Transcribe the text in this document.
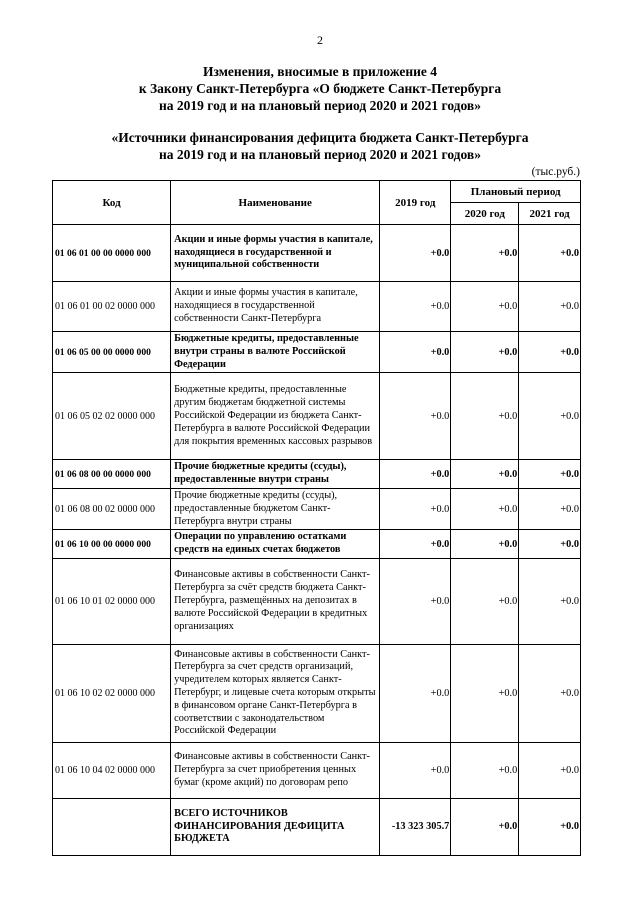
2
Изменения, вносимые в приложение 4
к Закону Санкт-Петербурга «О бюджете Санкт-Петербурга
на 2019 год и на плановый период 2020 и 2021 годов»
«Источники финансирования дефицита бюджета Санкт-Петербурга
на 2019 год и на плановый период 2020 и 2021 годов»
(тыс.руб.)
Код	Наименование	2019 год	Плановый период	
			2020 год	2021 год
01 06 01 00 00 0000 000	Акции и иные формы участия в капитале, находящиеся в государственной и муниципальной собственности	+0.0	+0.0	+0.0
01 06 01 00 02 0000 000	Акции и иные формы участия в капитале, находящиеся в государственной собственности Санкт-Петербурга	+0.0	+0.0	+0.0
01 06 05 00 00 0000 000	Бюджетные кредиты, предоставленные внутри страны в валюте Российской Федерации	+0.0	+0.0	+0.0
01 06 05 02 02 0000 000	Бюджетные кредиты, предоставленные другим бюджетам бюджетной системы Российской Федерации из бюджета Санкт-Петербурга в валюте Российской Федерации для покрытия временных кассовых разрывов	+0.0	+0.0	+0.0
01 06 08 00 00 0000 000	Прочие бюджетные кредиты (ссуды), предоставленные внутри страны	+0.0	+0.0	+0.0
01 06 08 00 02 0000 000	Прочие бюджетные кредиты (ссуды), предоставленные бюджетом Санкт-Петербурга внутри страны	+0.0	+0.0	+0.0
01 06 10 00 00 0000 000	Операции по управлению остатками средств на единых счетах бюджетов	+0.0	+0.0	+0.0
01 06 10 01 02 0000 000	Финансовые активы в собственности Санкт-Петербурга за счёт средств бюджета Санкт-Петербурга, размещённых на депозитах в валюте Российской Федерации в кредитных организациях	+0.0	+0.0	+0.0
01 06 10 02 02 0000 000	Финансовые активы в собственности Санкт-Петербурга за счет средств организаций, учредителем которых является Санкт-Петербург, и лицевые счета которым открыты в финансовом органе Санкт-Петербурга в соответствии с законодательством Российской Федерации	+0.0	+0.0	+0.0
01 06 10 04 02 0000 000	Финансовые активы в собственности Санкт-Петербурга за счет приобретения ценных бумаг (кроме акций) по договорам репо	+0.0	+0.0	+0.0
	ВСЕГО ИСТОЧНИКОВ ФИНАНСИРОВАНИЯ ДЕФИЦИТА БЮДЖЕТА	-13 323 305.7	+0.0	+0.0
